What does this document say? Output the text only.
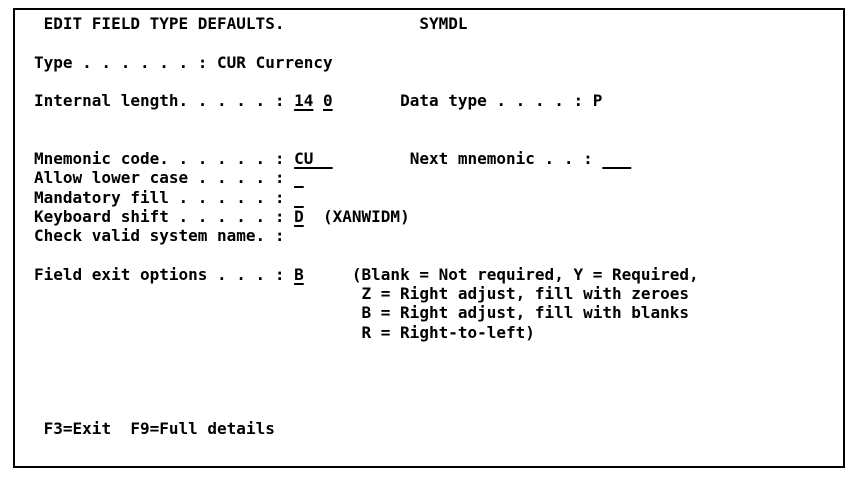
EDIT FIELD TYPE DEFAULTS.	SYMDL
Type . . . . . . : CUR Currency
Internal length. . . . . : 14 0	Data type . . . . : P
Mnemonic code. . . . . . : CU	Next mnemonic . . :
Allow lower case . . . . :
Mandatory fill . . . . . :
Keyboard shift . . . . . : D  (XANWIDM)
Check valid system name. :
Field exit options . . . : B     (Blank = Not required, Y = Required,
Z = Right adjust, fill with zeroes
B = Right adjust, fill with blanks
R = Right-to-left)
F3=Exit F9=Full details
